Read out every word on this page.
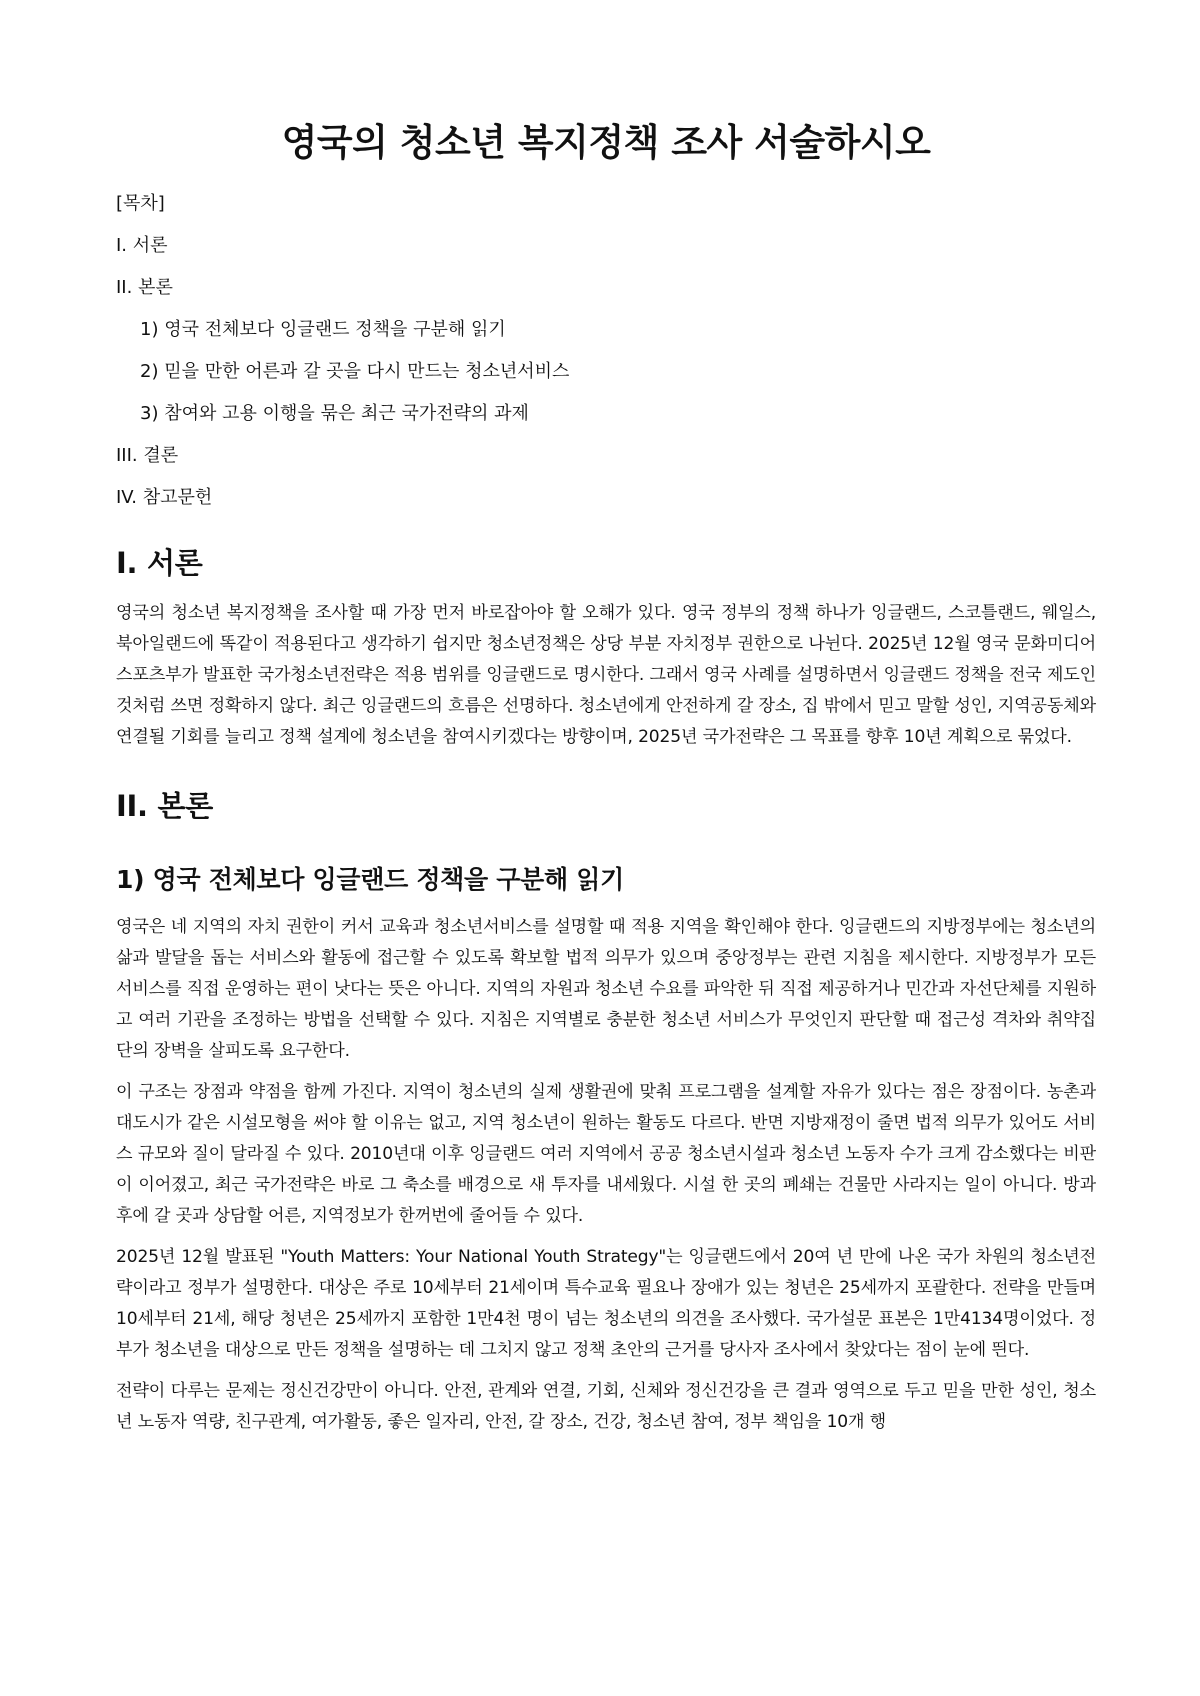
영국의 청소년 복지정책 조사 서술하시오
[목차]
I. 서론
II. 본론
1) 영국 전체보다 잉글랜드 정책을 구분해 읽기
2) 믿을 만한 어른과 갈 곳을 다시 만드는 청소년서비스
3) 참여와 고용 이행을 묶은 최근 국가전략의 과제
III. 결론
IV. 참고문헌
I. 서론

영국의 청소년 복지정책을 조사할 때 가장 먼저 바로잡아야 할 오해가 있다. 영국 정부의 정책 하나가 잉글랜드, 스코틀랜드, 웨일스, 북아일랜드에 똑같이 적용된다고 생각하기 쉽지만 청소년정책은 상당 부분 자치정부 권한으로 나뉜다. 2025년 12월 영국 문화미디어스포츠부가 발표한 국가청소년전략은 적용 범위를 잉글랜드로 명시한다. 그래서 영국 사례를 설명하면서 잉글랜드 정책을 전국 제도인 것처럼 쓰면 정확하지 않다. 최근 잉글랜드의 흐름은 선명하다. 청소년에게 안전하게 갈 장소, 집 밖에서 믿고 말할 성인, 지역공동체와 연결될 기회를 늘리고 정책 설계에 청소년을 참여시키겠다는 방향이며, 2025년 국가전략은 그 목표를 향후 10년 계획으로 묶었다.

II. 본론
1) 영국 전체보다 잉글랜드 정책을 구분해 읽기

영국은 네 지역의 자치 권한이 커서 교육과 청소년서비스를 설명할 때 적용 지역을 확인해야 한다. 잉글랜드의 지방정부에는 청소년의 삶과 발달을 돕는 서비스와 활동에 접근할 수 있도록 확보할 법적 의무가 있으며 중앙정부는 관련 지침을 제시한다. 지방정부가 모든 서비스를 직접 운영하는 편이 낫다는 뜻은 아니다. 지역의 자원과 청소년 수요를 파악한 뒤 직접 제공하거나 민간과 자선단체를 지원하고 여러 기관을 조정하는 방법을 선택할 수 있다. 지침은 지역별로 충분한 청소년 서비스가 무엇인지 판단할 때 접근성 격차와 취약집단의 장벽을 살피도록 요구한다.

이 구조는 장점과 약점을 함께 가진다. 지역이 청소년의 실제 생활권에 맞춰 프로그램을 설계할 자유가 있다는 점은 장점이다. 농촌과 대도시가 같은 시설모형을 써야 할 이유는 없고, 지역 청소년이 원하는 활동도 다르다. 반면 지방재정이 줄면 법적 의무가 있어도 서비스 규모와 질이 달라질 수 있다. 2010년대 이후 잉글랜드 여러 지역에서 공공 청소년시설과 청소년 노동자 수가 크게 감소했다는 비판이 이어졌고, 최근 국가전략은 바로 그 축소를 배경으로 새 투자를 내세웠다. 시설 한 곳의 폐쇄는 건물만 사라지는 일이 아니다. 방과후에 갈 곳과 상담할 어른, 지역정보가 한꺼번에 줄어들 수 있다.

2025년 12월 발표된 "Youth Matters: Your National Youth Strategy"는 잉글랜드에서 20여 년 만에 나온 국가 차원의 청소년전략이라고 정부가 설명한다. 대상은 주로 10세부터 21세이며 특수교육 필요나 장애가 있는 청년은 25세까지 포괄한다. 전략을 만들며 10세부터 21세, 해당 청년은 25세까지 포함한 1만4천 명이 넘는 청소년의 의견을 조사했다. 국가설문 표본은 1만4134명이었다. 정부가 청소년을 대상으로 만든 정책을 설명하는 데 그치지 않고 정책 초안의 근거를 당사자 조사에서 찾았다는 점이 눈에 띈다.

전략이 다루는 문제는 정신건강만이 아니다. 안전, 관계와 연결, 기회, 신체와 정신건강을 큰 결과 영역으로 두고 믿을 만한 성인, 청소년 노동자 역량, 친구관계, 여가활동, 좋은 일자리, 안전, 갈 장소, 건강, 청소년 참여, 정부 책임을 10개 행
